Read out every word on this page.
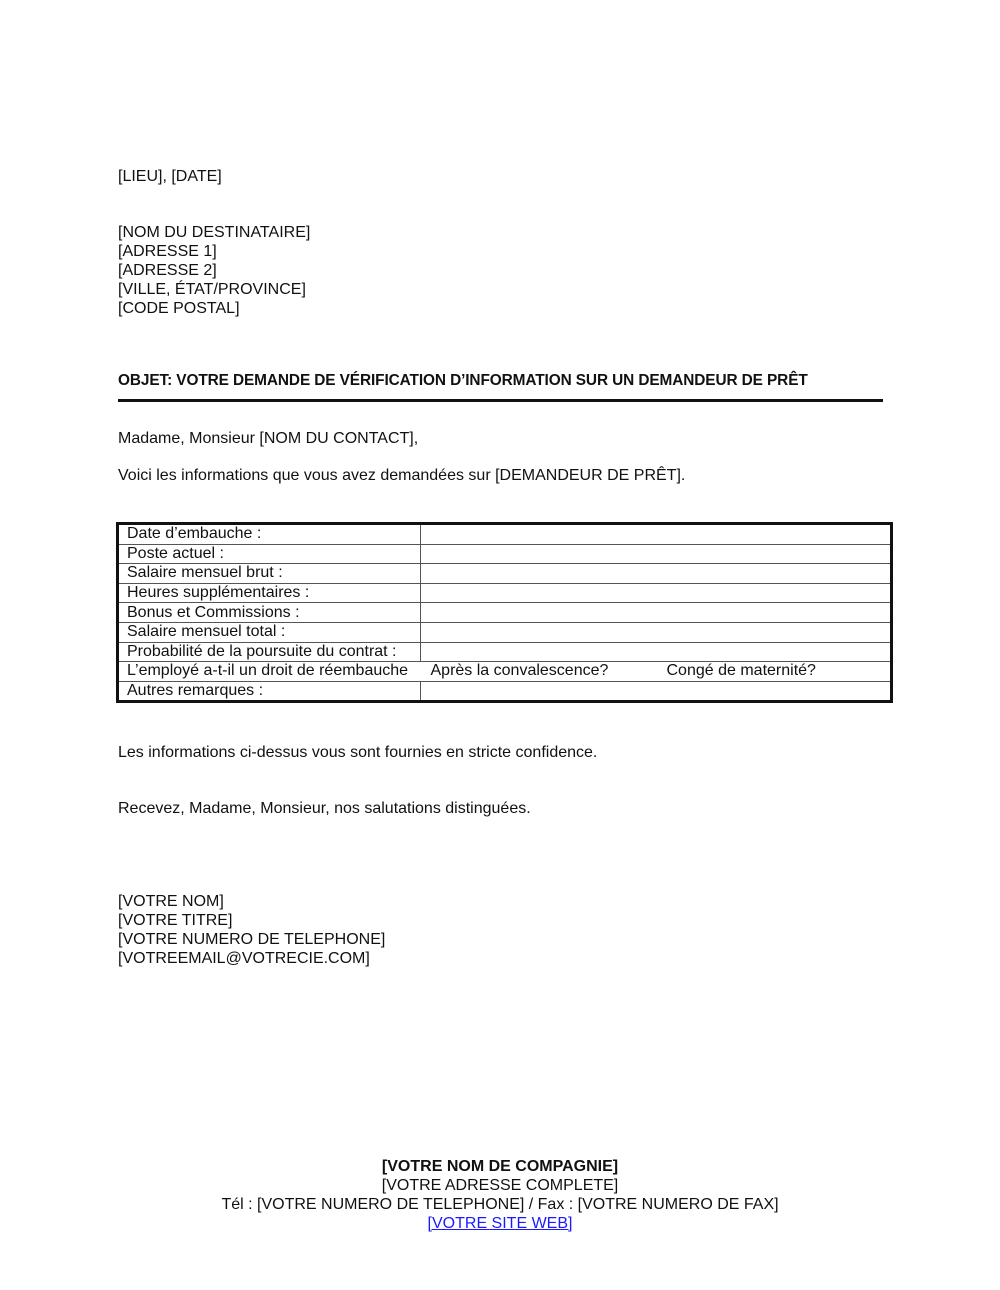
[LIEU], [DATE]
[NOM DU DESTINATAIRE]
[ADRESSE 1]
[ADRESSE 2]
[VILLE, ÉTAT/PROVINCE]
[CODE POSTAL]
OBJET: VOTRE DEMANDE DE VÉRIFICATION D’INFORMATION SUR UN DEMANDEUR DE PRÊT
Madame, Monsieur [NOM DU CONTACT],
Voici les informations que vous avez demandées sur [DEMANDEUR DE PRÊT].
Date d’embauche :	
Poste actuel :	
Salaire mensuel brut :	
Heures supplémentaires :	
Bonus et Commissions :	
Salaire mensuel total :	
Probabilité de la poursuite du contrat :	
L’employé a-t-il un droit de réembauche	Après la convalescence? Congé de maternité?
Autres remarques :	
Les informations ci-dessus vous sont fournies en stricte confidence.
Recevez, Madame, Monsieur, nos salutations distinguées.
[VOTRE NOM]
[VOTRE TITRE]
[VOTRE NUMERO DE TELEPHONE]
[VOTREEMAIL@VOTRECIE.COM]
[VOTRE NOM DE COMPAGNIE]
[VOTRE ADRESSE COMPLETE]
Tél : [VOTRE NUMERO DE TELEPHONE] / Fax : [VOTRE NUMERO DE FAX]
[VOTRE SITE WEB]
